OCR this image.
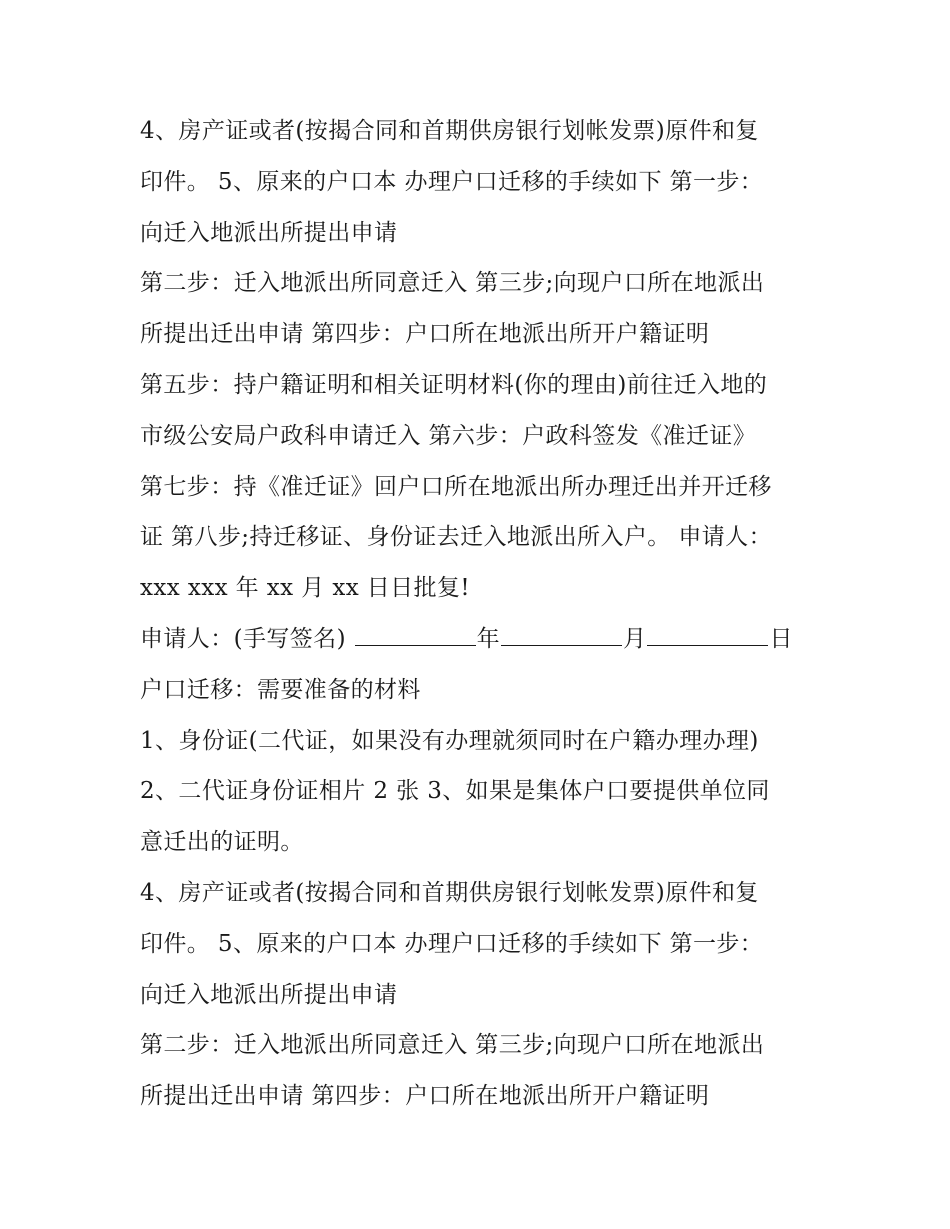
4、房产证或者(按揭合同和首期供房银行划帐发票)原件和复
印件。 5、原来的户口本 办理户口迁移的手续如下 第一步：
向迁入地派出所提出申请
第二步：迁入地派出所同意迁入 第三步;向现户口所在地派出
所提出迁出申请 第四步：户口所在地派出所开户籍证明
第五步：持户籍证明和相关证明材料(你的理由)前往迁入地的
市级公安局户政科申请迁入 第六步：户政科签发《准迁证》
第七步：持《准迁证》回户口所在地派出所办理迁出并开迁移
证 第八步;持迁移证、身份证去迁入地派出所入户。 申请人：
xxx xxx 年 xx 月 xx 日日批复!
申请人：(手写签名)	年	月	日
户口迁移：需要准备的材料
1、身份证(二代证，如果没有办理就须同时在户籍办理办理)
2、二代证身份证相片 2 张 3、如果是集体户口要提供单位同
意迁出的证明。
4、房产证或者(按揭合同和首期供房银行划帐发票)原件和复
印件。 5、原来的户口本 办理户口迁移的手续如下 第一步：
向迁入地派出所提出申请
第二步：迁入地派出所同意迁入 第三步;向现户口所在地派出
所提出迁出申请 第四步：户口所在地派出所开户籍证明
